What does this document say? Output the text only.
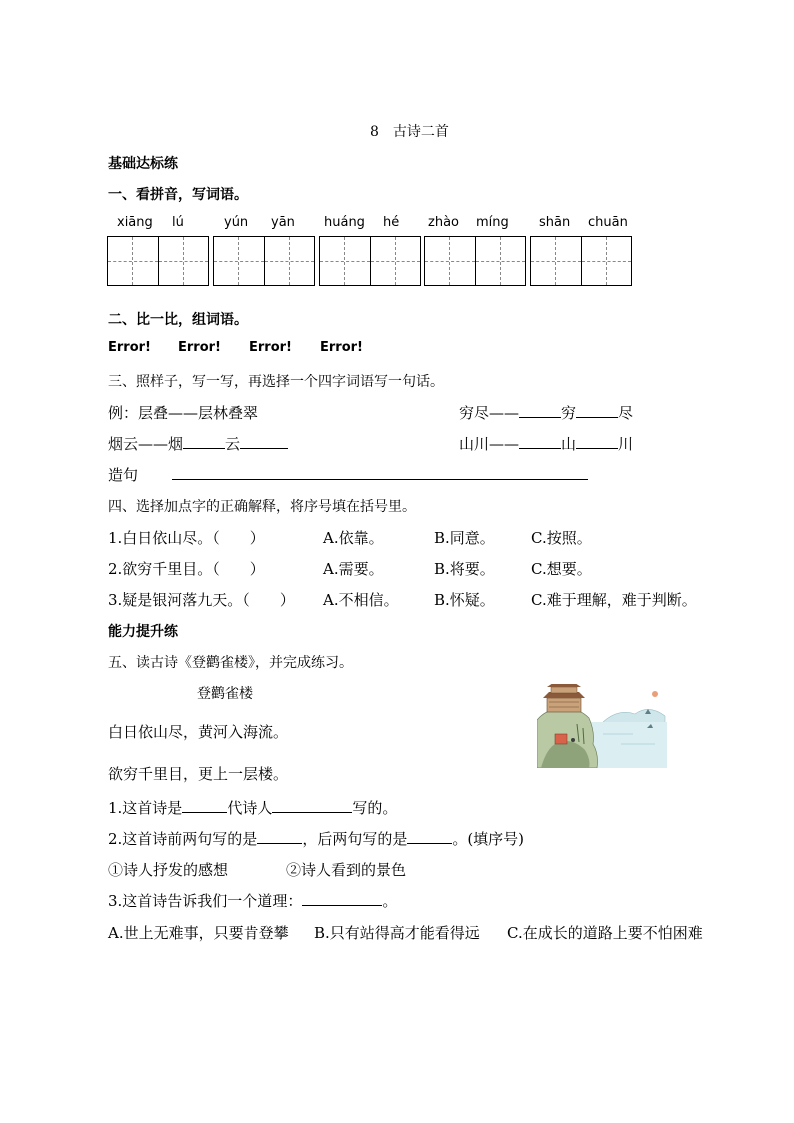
8　古诗二首
基础达标练
一、看拼音，写词语。
xiāng lú	yún yān huáng hé zhào míng shān chuān
二、比一比，组词语。
Error! Error! Error! Error!
三、照样子，写一写，再选择一个四字词语写一句话。
例：层叠——层林叠翠	穷尽——	穷	尽
烟云——烟	云	山川——	山	川
造句
四、选择加点字的正确解释，将序号填在括号里。
1.白日依山尽。（　　）	A.依靠。	B.同意。 C.按照。
2.欲穷千里目。（　　）	A.需要。	B.将要。 C.想要。
3.疑是银河落九天。（　　） A.不相信。 B.怀疑。 C.难于理解，难于判断。
能力提升练
五、读古诗《登鹳雀楼》，并完成练习。
登鹳雀楼
白日依山尽，黄河入海流。
欲穷千里目，更上一层楼。
1.这首诗是	代诗人	写的。
2.这首诗前两句写的是	，后两句写的是	。(填序号)
①诗人抒发的感想	②诗人看到的景色
3.这首诗告诉我们一个道理：	。
A.世上无难事，只要肯登攀 B.只有站得高才能看得远 C.在成长的道路上要不怕困难
